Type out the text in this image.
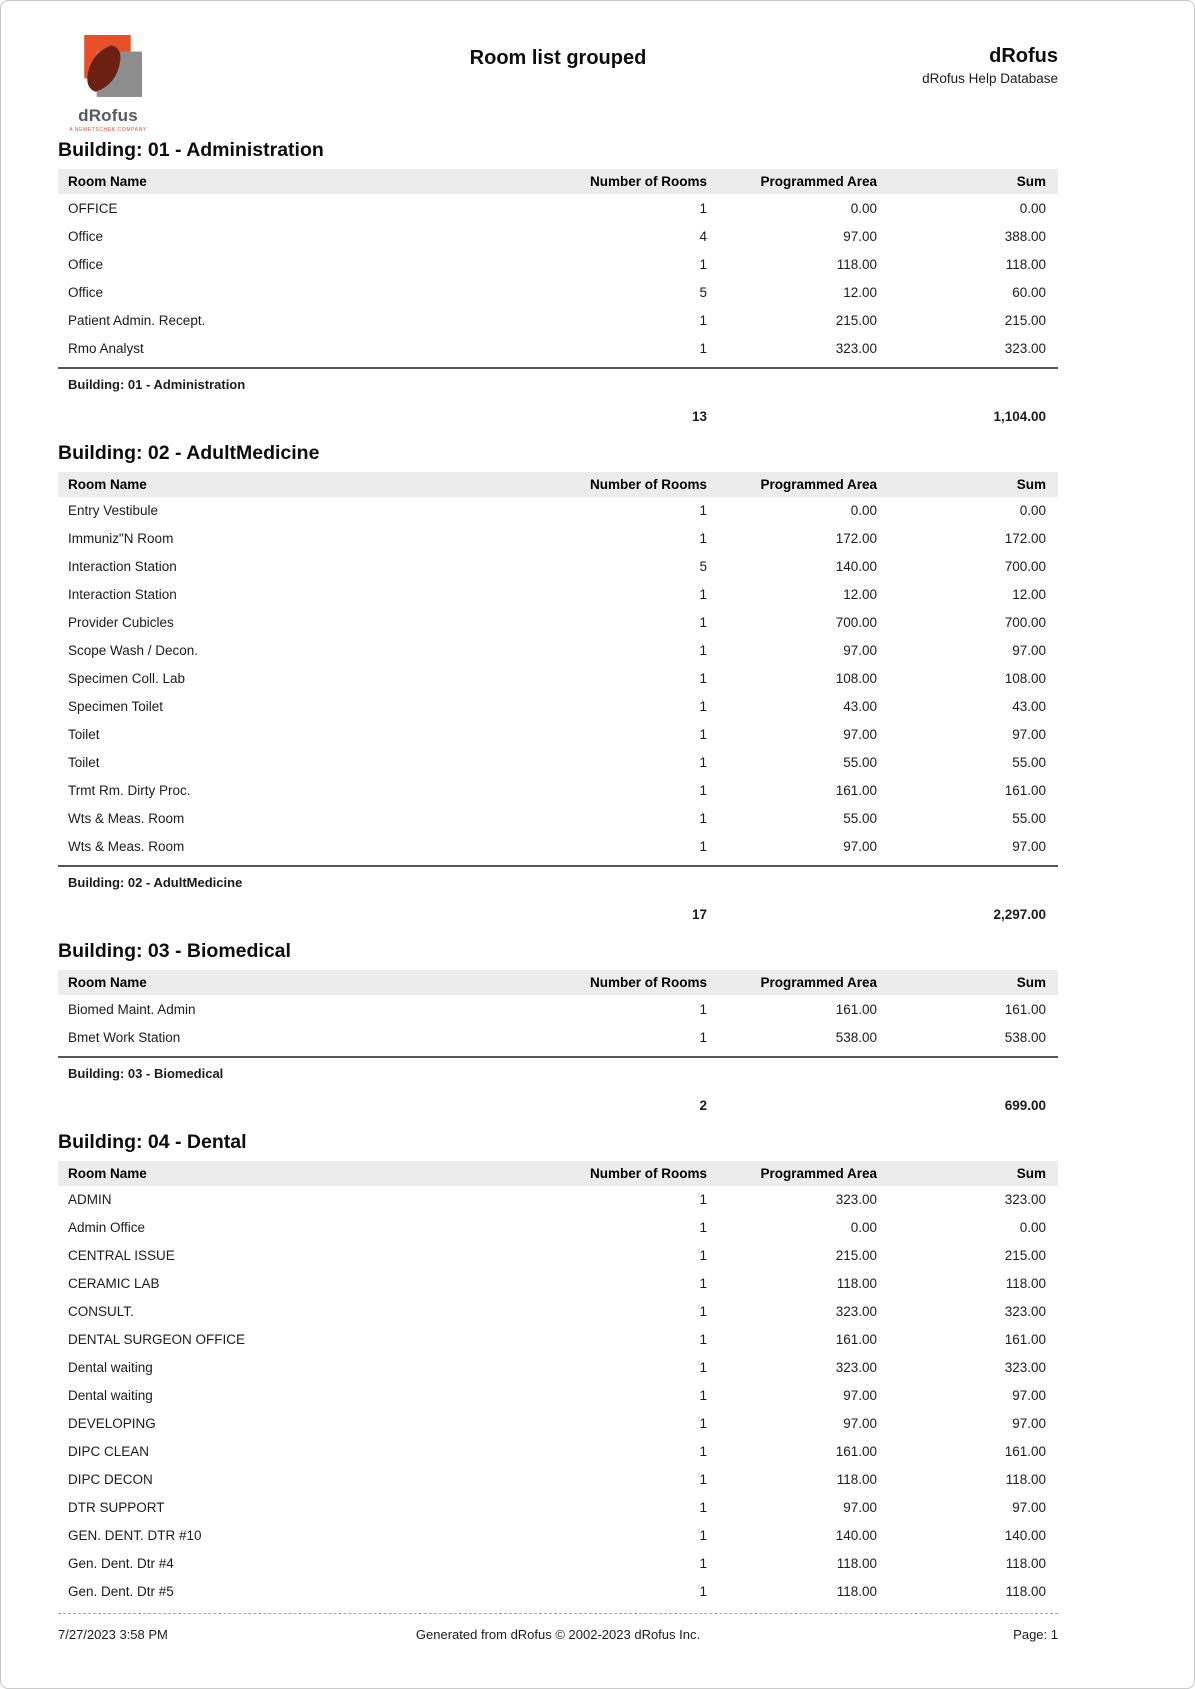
dRofus
A NEMETSCHEK COMPANY
Room list grouped	dRofus
dRofus Help Database
Building: 01 - Administration
Room Name	Number of Rooms	Programmed Area	Sum
OFFICE	1	0.00	0.00
Office	4	97.00	388.00
Office	1	118.00	118.00
Office	5	12.00	60.00
Patient Admin. Recept.	1	215.00	215.00
Rmo Analyst	1	323.00	323.00
Building: 01 - Administration			
	13		1,104.00
Building: 02 - AdultMedicine
Room Name	Number of Rooms	Programmed Area	Sum
Entry Vestibule	1	0.00	0.00
Immuniz"N Room	1	172.00	172.00
Interaction Station	5	140.00	700.00
Interaction Station	1	12.00	12.00
Provider Cubicles	1	700.00	700.00
Scope Wash / Decon.	1	97.00	97.00
Specimen Coll. Lab	1	108.00	108.00
Specimen Toilet	1	43.00	43.00
Toilet	1	97.00	97.00
Toilet	1	55.00	55.00
Trmt Rm. Dirty Proc.	1	161.00	161.00
Wts & Meas. Room	1	55.00	55.00
Wts & Meas. Room	1	97.00	97.00
Building: 02 - AdultMedicine			
	17		2,297.00
Building: 03 - Biomedical
Room Name	Number of Rooms	Programmed Area	Sum
Biomed Maint. Admin	1	161.00	161.00
Bmet Work Station	1	538.00	538.00
Building: 03 - Biomedical			
	2		699.00
Building: 04 - Dental
Room Name	Number of Rooms	Programmed Area	Sum
ADMIN	1	323.00	323.00
Admin Office	1	0.00	0.00
CENTRAL ISSUE	1	215.00	215.00
CERAMIC LAB	1	118.00	118.00
CONSULT.	1	323.00	323.00
DENTAL SURGEON OFFICE	1	161.00	161.00
Dental waiting	1	323.00	323.00
Dental waiting	1	97.00	97.00
DEVELOPING	1	97.00	97.00
DIPC CLEAN	1	161.00	161.00
DIPC DECON	1	118.00	118.00
DTR SUPPORT	1	97.00	97.00
GEN. DENT. DTR #10	1	140.00	140.00
Gen. Dent. Dtr #4	1	118.00	118.00
Gen. Dent. Dtr #5	1	118.00	118.00
7/27/2023 3:58 PM	Generated from dRofus © 2002-2023 dRofus Inc.	Page: 1
